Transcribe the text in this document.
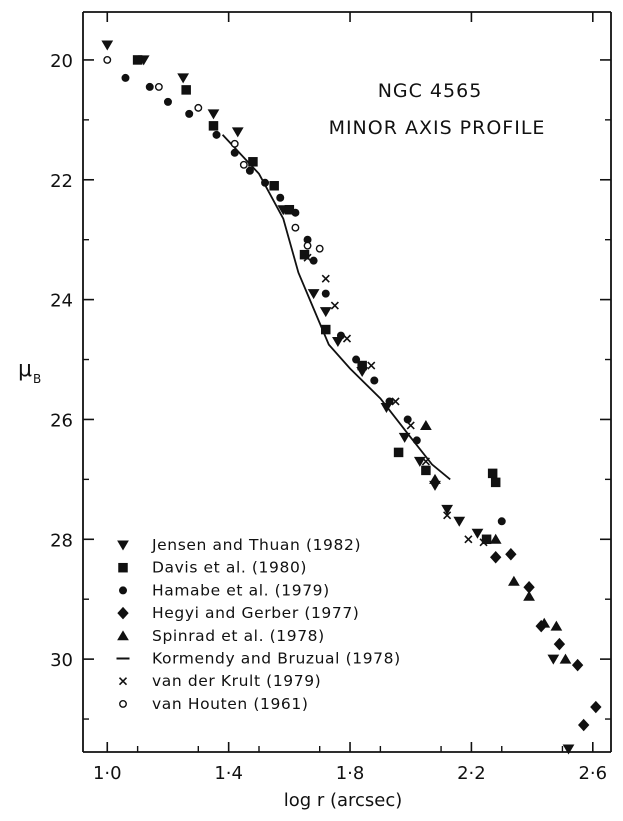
1·0	1·4	1·8	2·2	2·6
20
22
24
26
28
30
NGC 4565
MINOR AXIS PROFILE
log r (arcsec)
μ B
Jensen and Thuan (1982)
Davis et al. (1980)
Hamabe et al. (1979)
Hegyi and Gerber (1977)
Spinrad et al. (1978)
Kormendy and Bruzual (1978)
van der Krult (1979)
van Houten (1961)
